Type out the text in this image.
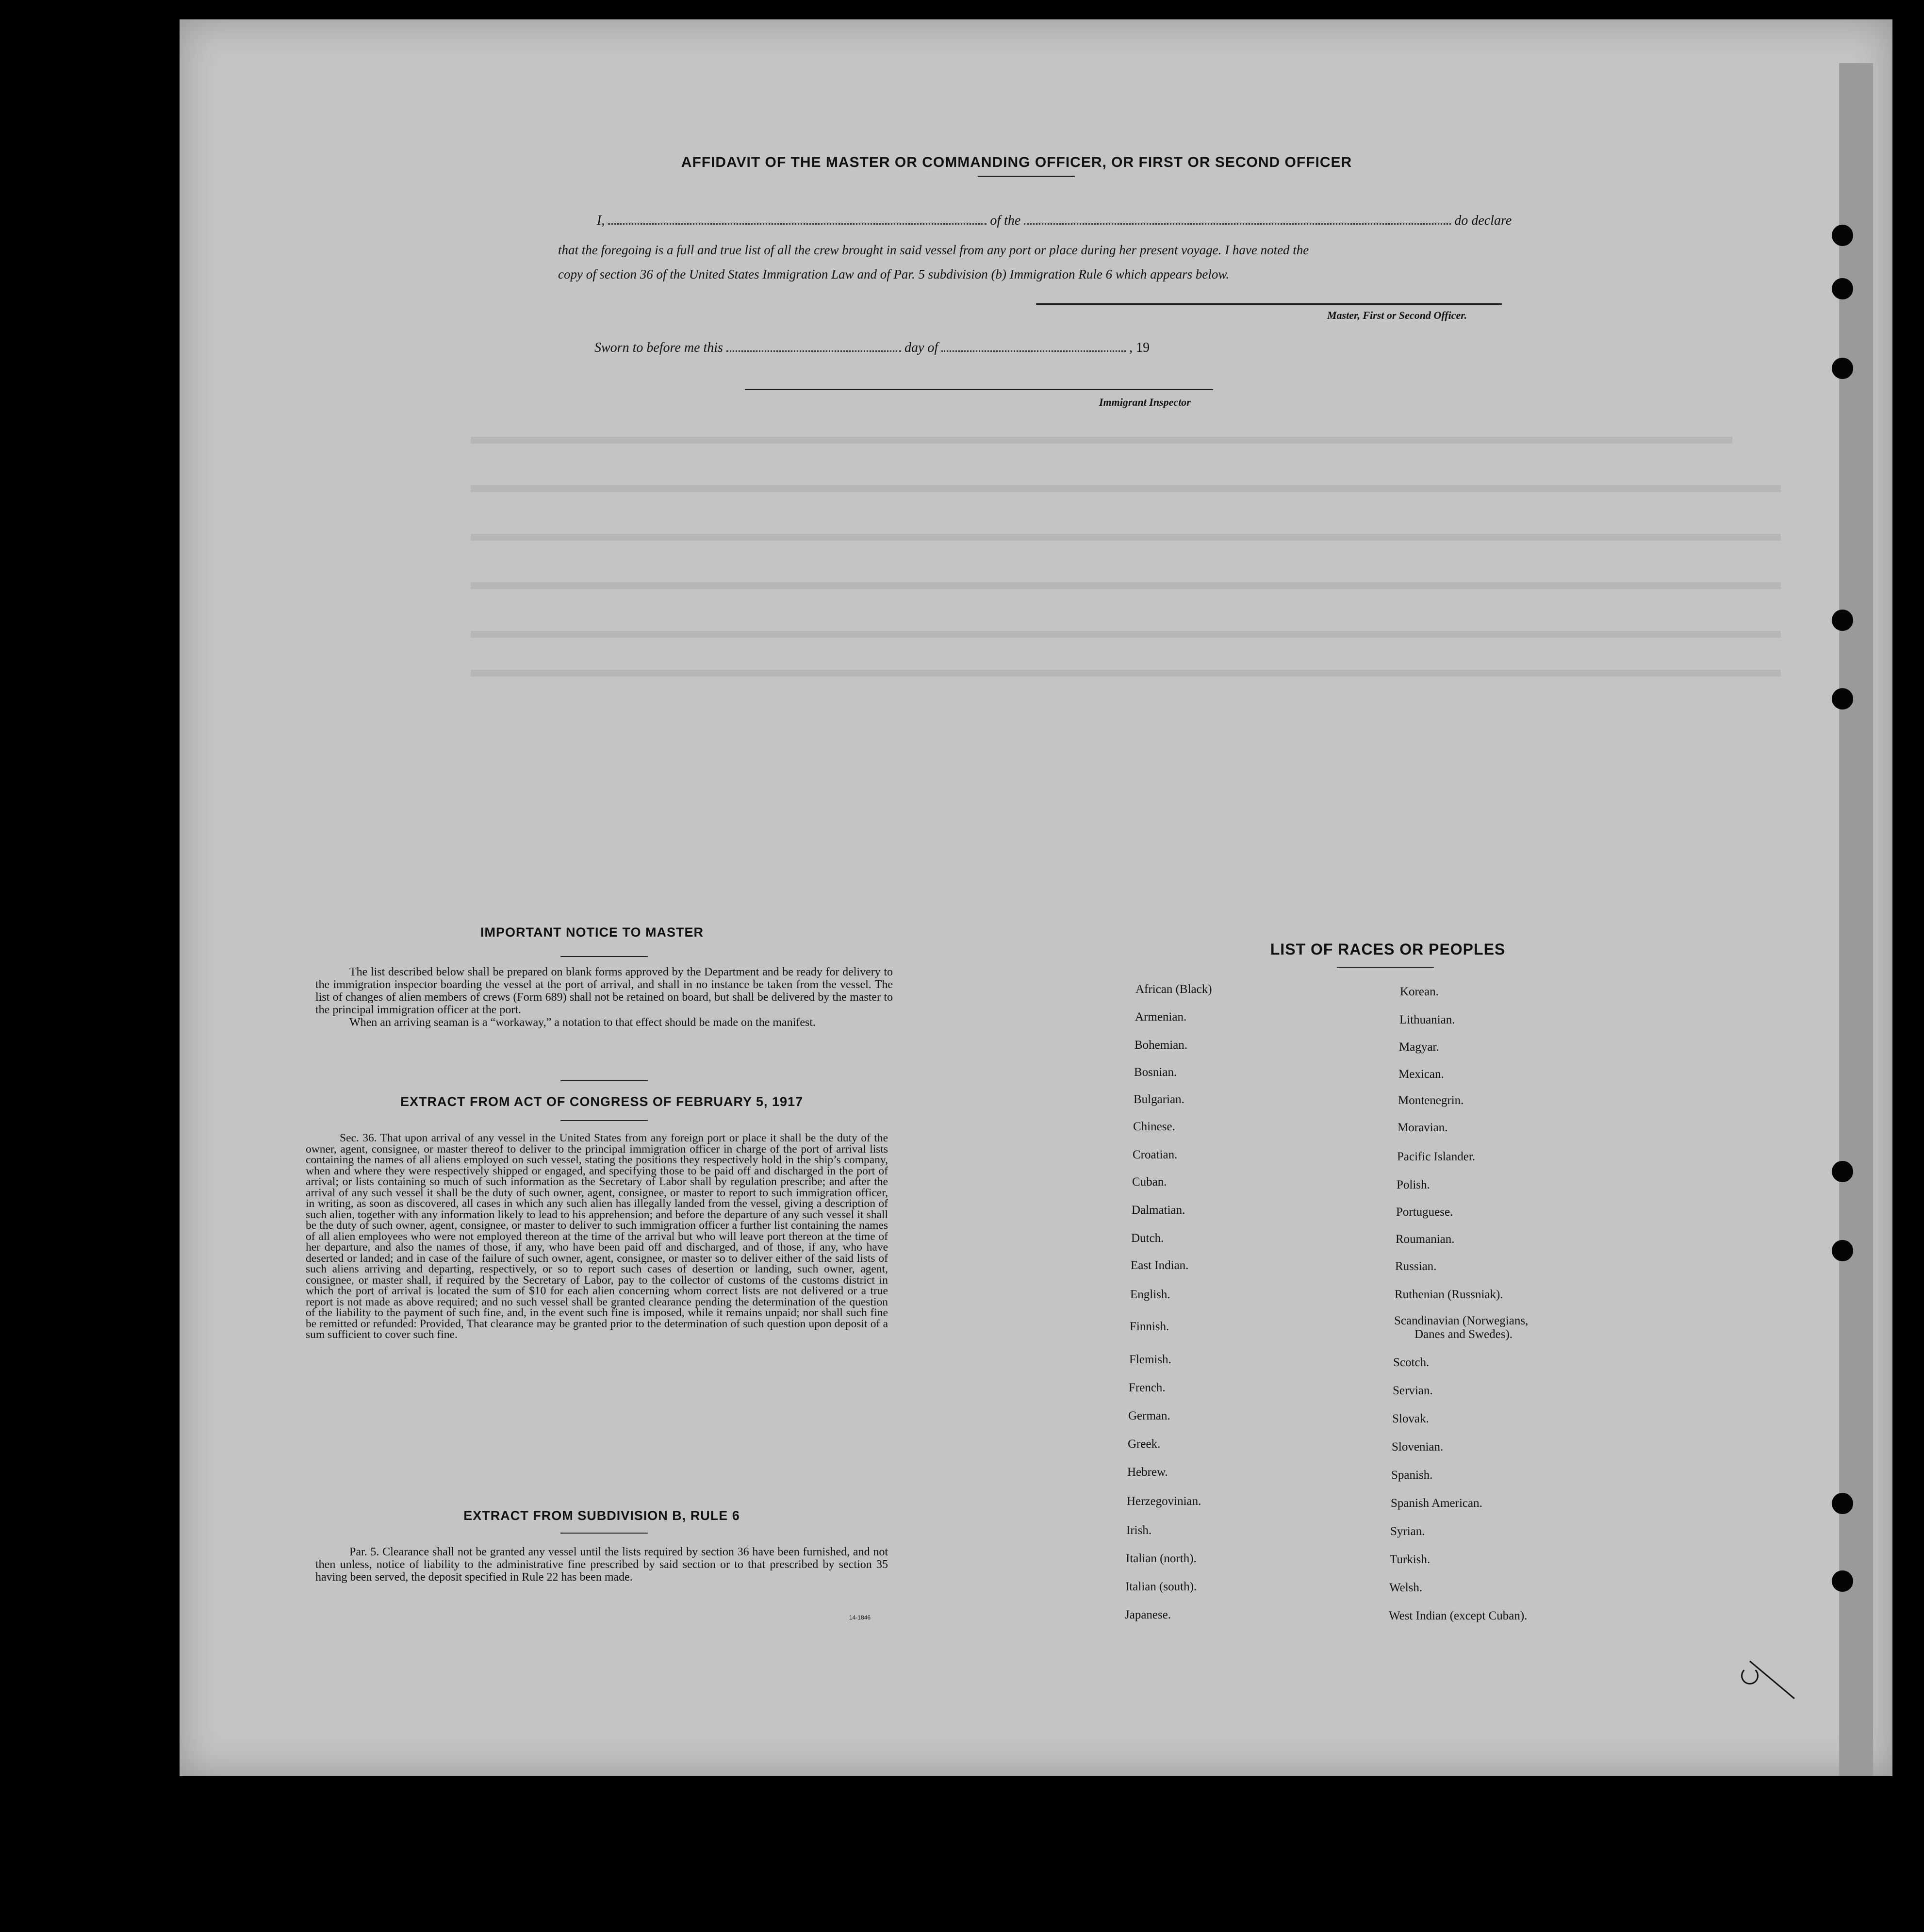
AFFIDAVIT OF THE MASTER OR COMMANDING OFFICER, OR FIRST OR SECOND OFFICER
I,	of the	do declare
that the foregoing is a full and true list of all the crew brought in said vessel from any port or place during her present voyage. I have noted the
copy of section 36 of the United States Immigration Law and of Par. 5 subdivision (b) Immigration Rule 6 which appears below.
Master, First or Second Officer.
Sworn to before me this	day of	, 19
Immigrant Inspector
IMPORTANT NOTICE TO MASTER

The list described below shall be prepared on blank forms approved by the Department and be ready for delivery to the immigration inspector boarding the vessel at the port of arrival, and shall in no instance be taken from the vessel. The list of changes of alien members of crews (Form 689) shall not be retained on board, but shall be delivered by the master to the principal immigration officer at the port.

When an arriving seaman is a “workaway,” a notation to that effect should be made on the manifest.

EXTRACT FROM ACT OF CONGRESS OF FEBRUARY 5, 1917

Sec. 36. That upon arrival of any vessel in the United States from any foreign port or place it shall be the duty of the owner, agent, consignee, or master thereof to deliver to the principal immigration officer in charge of the port of arrival lists containing the names of all aliens employed on such vessel, stating the positions they respectively hold in the ship’s company, when and where they were respectively shipped or engaged, and specifying those to be paid off and discharged in the port of arrival; or lists containing so much of such information as the Secretary of Labor shall by regulation prescribe; and after the arrival of any such vessel it shall be the duty of such owner, agent, consignee, or master to report to such immigration officer, in writing, as soon as discovered, all cases in which any such alien has illegally landed from the vessel, giving a description of such alien, together with any information likely to lead to his apprehension; and before the departure of any such vessel it shall be the duty of such owner, agent, consignee, or master to deliver to such immigration officer a further list containing the names of all alien employees who were not employed thereon at the time of the arrival but who will leave port thereon at the time of her departure, and also the names of those, if any, who have been paid off and discharged, and of those, if any, who have deserted or landed; and in case of the failure of such owner, agent, consignee, or master so to deliver either of the said lists of such aliens arriving and departing, respectively, or so to report such cases of desertion or landing, such owner, agent, consignee, or master shall, if required by the Secretary of Labor, pay to the collector of customs of the customs district in which the port of arrival is located the sum of $10 for each alien concerning whom correct lists are not delivered or a true report is not made as above required; and no such vessel shall be granted clearance pending the determination of the question of the liability to the payment of such fine, and, in the event such fine is imposed, while it remains unpaid; nor shall such fine be remitted or refunded: Provided, That clearance may be granted prior to the determination of such question upon deposit of a sum sufficient to cover such fine.

EXTRACT FROM SUBDIVISION B, RULE 6

Par. 5. Clearance shall not be granted any vessel until the lists required by section 36 have been furnished, and not then unless, notice of liability to the administrative fine prescribed by said section or to that prescribed by section 35 having been served, the deposit specified in Rule 22 has been made.

14-1846
LIST OF RACES OR PEOPLES
African (Black)
Armenian.
Bohemian.
Bosnian.
Bulgarian.
Chinese.
Croatian.
Cuban.
Dalmatian.
Dutch.
East Indian.
English.
Finnish.
Flemish.
French.
German.
Greek.
Hebrew.
Herzegovinian.
Irish.
Italian (north).
Italian (south).
Japanese.
Korean.
Lithuanian.
Magyar.
Mexican.
Montenegrin.
Moravian.
Pacific Islander.
Polish.
Portuguese.
Roumanian.
Russian.
Ruthenian (Russniak).
Scandinavian (Norwegians,
Danes and Swedes).
Scotch.
Servian.
Slovak.
Slovenian.
Spanish.
Spanish American.
Syrian.
Turkish.
Welsh.
West Indian (except Cuban).
